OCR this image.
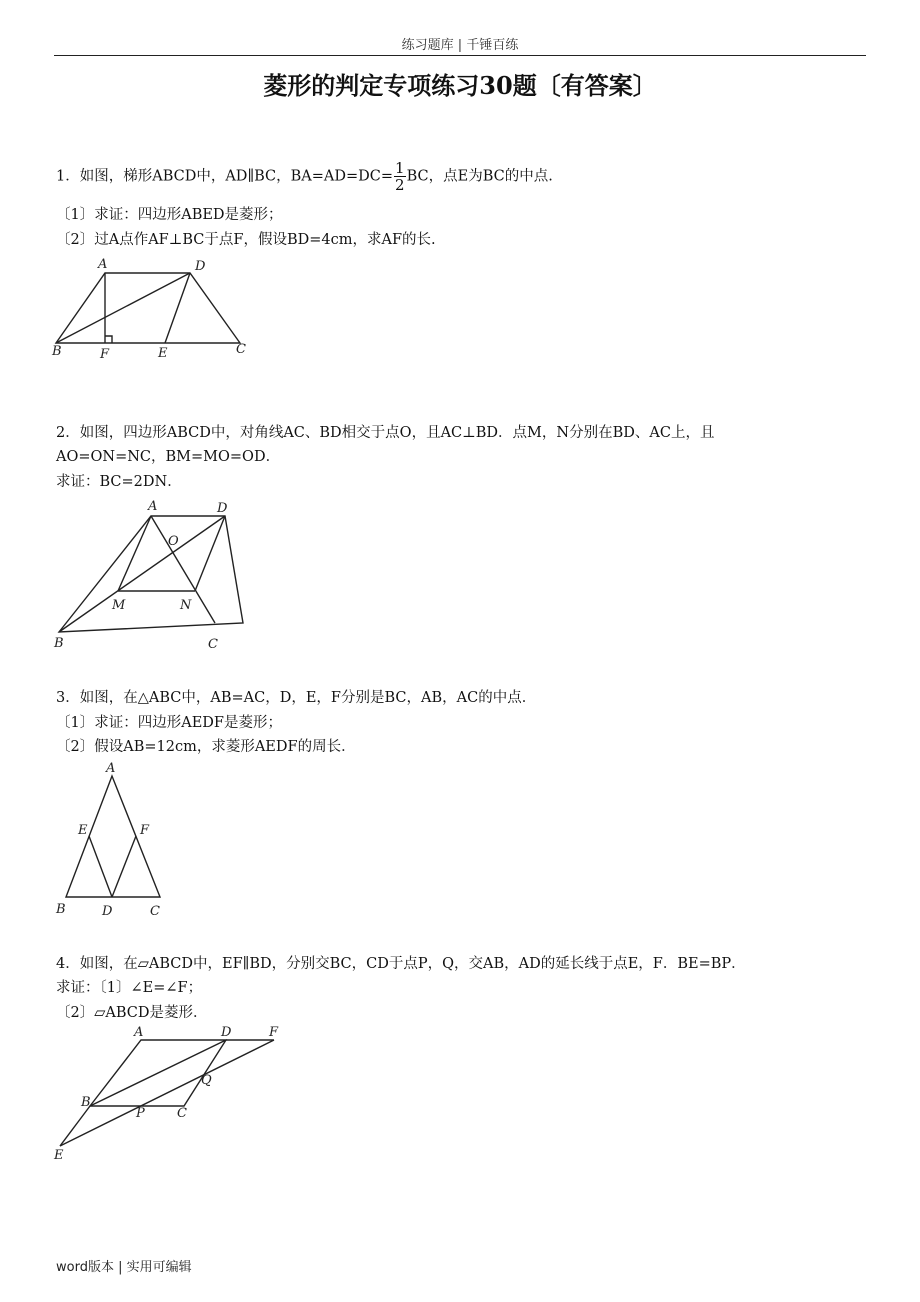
练习题库 | 千锤百练
菱形的判定专项练习30题〔有答案〕
1．如图，梯形ABCD中，AD∥BC，$BA=AD=DC= \frac{1}{2}$ BC，点E为BC的中点.
〔1〕求证：四边形ABED是菱形；
〔2〕过A点作AF⊥BC于点F，假设BD=4cm，求AF的长.
A	D
B	F	E	C
2．如图，四边形ABCD中，对角线AC、BD相交于点O，且AC⊥BD．点M，N分别在BD、AC上，且
AO=ON=NC，BM=MO=OD．
求证：BC=2DN．
A	D
O
M	N
B	C
3．如图，在△ABC中，AB=AC，D，E，F分别是BC，AB，AC的中点．
〔1〕求证：四边形AEDF是菱形；
〔2〕假设AB=12cm，求菱形AEDF的周长．
A
E	F
B	D	C
4．如图，在▱ABCD中，EF∥BD，分别交BC，CD于点P，Q，交AB，AD的延长线于点E，F．BE=BP．
求证：〔1〕∠E=∠F；
〔2〕▱ABCD是菱形．
A	D	F
Q
B
P C
E
word版本 | 实用可编辑
